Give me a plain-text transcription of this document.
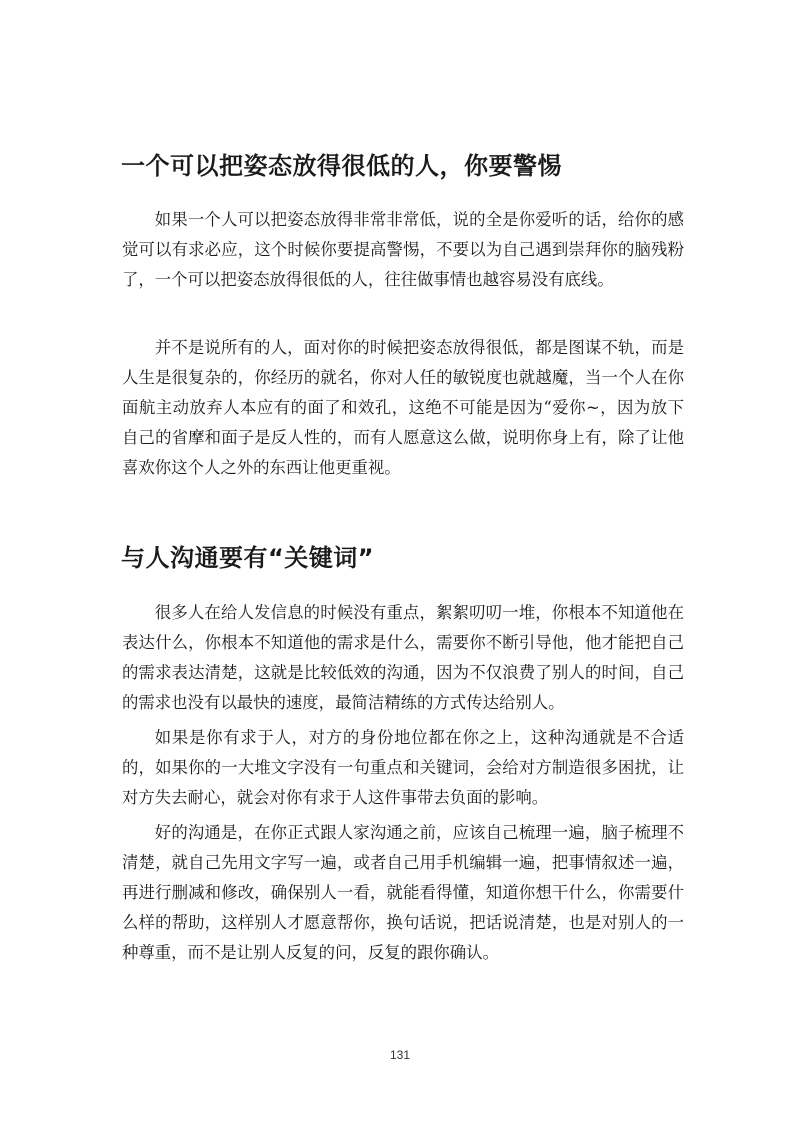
一个可以把姿态放得很低的人，你要警惕

如果一个人可以把姿态放得非常非常低，说的全是你爱听的话，给你的感觉可以有求必应，这个时候你要提高警惕，不要以为自己遇到崇拜你的脑残粉了，一个可以把姿态放得很低的人，往往做事情也越容易没有底线。

并不是说所有的人，面对你的时候把姿态放得很低，都是图谋不轨，而是人生是很复杂的，你经历的就名，你对人任的敏锐度也就越魔，当一个人在你面航主动放弃人本应有的面了和效孔，这绝不可能是因为“爱你~，因为放下自己的省摩和面子是反人性的，而有人愿意这么做，说明你身上有，除了让他喜欢你这个人之外的东西让他更重视。

与人沟通要有“关键词”

很多人在给人发信息的时候没有重点，絮絮叨叨一堆，你根本不知道他在表达什么，你根本不知道他的需求是什么，需要你不断引导他，他才能把自己的需求表达清楚，这就是比较低效的沟通，因为不仅浪费了别人的时间，自己的需求也没有以最快的速度，最简洁精练的方式传达给别人。

如果是你有求于人，对方的身份地位都在你之上，这种沟通就是不合适的，如果你的一大堆文字没有一句重点和关键词，会给对方制造很多困扰，让对方失去耐心，就会对你有求于人这件事带去负面的影响。

好的沟通是，在你正式跟人家沟通之前，应该自己梳理一遍，脑子梳理不清楚，就自己先用文字写一遍，或者自己用手机编辑一遍，把事情叙述一遍，再进行删减和修改，确保别人一看，就能看得懂，知道你想干什么，你需要什么样的帮助，这样别人才愿意帮你，换句话说，把话说清楚，也是对别人的一种尊重，而不是让别人反复的问，反复的跟你确认。

131
